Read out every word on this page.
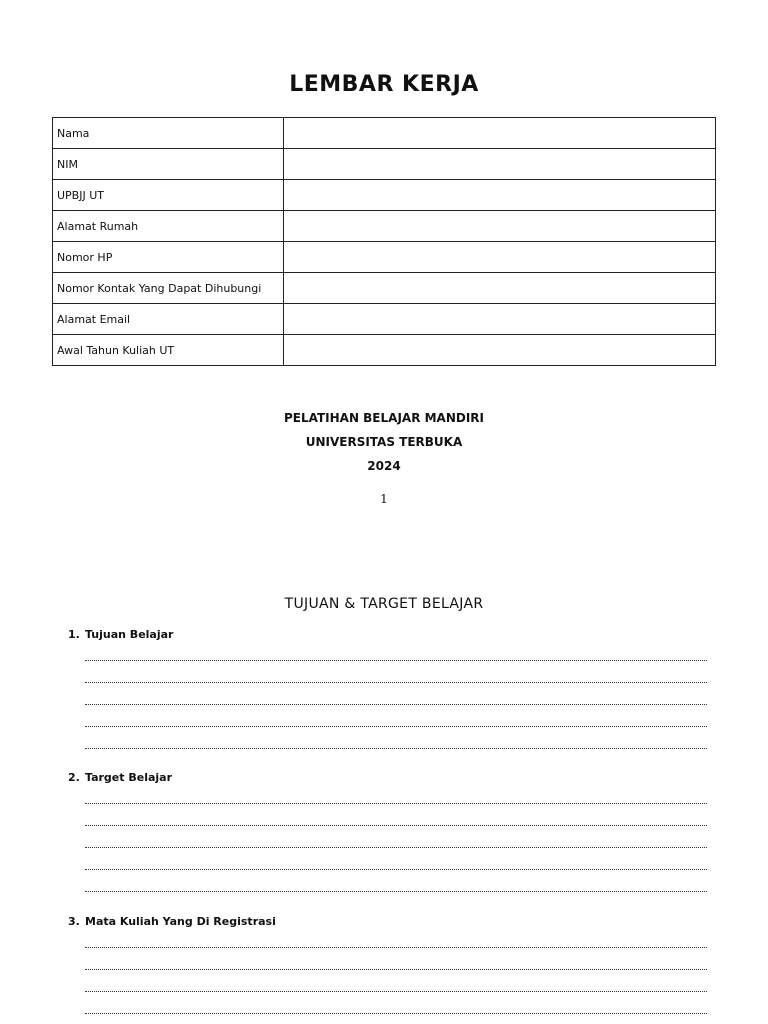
LEMBAR KERJA
Nama	
NIM	
UPBJJ UT	
Alamat Rumah	
Nomor HP	
Nomor Kontak Yang Dapat Dihubungi	
Alamat Email	
Awal Tahun Kuliah UT	
PELATIHAN BELAJAR MANDIRI
UNIVERSITAS TERBUKA
2024
1
TUJUAN & TARGET BELAJAR
1. Tujuan Belajar
2. Target Belajar
3. Mata Kuliah Yang Di Registrasi
